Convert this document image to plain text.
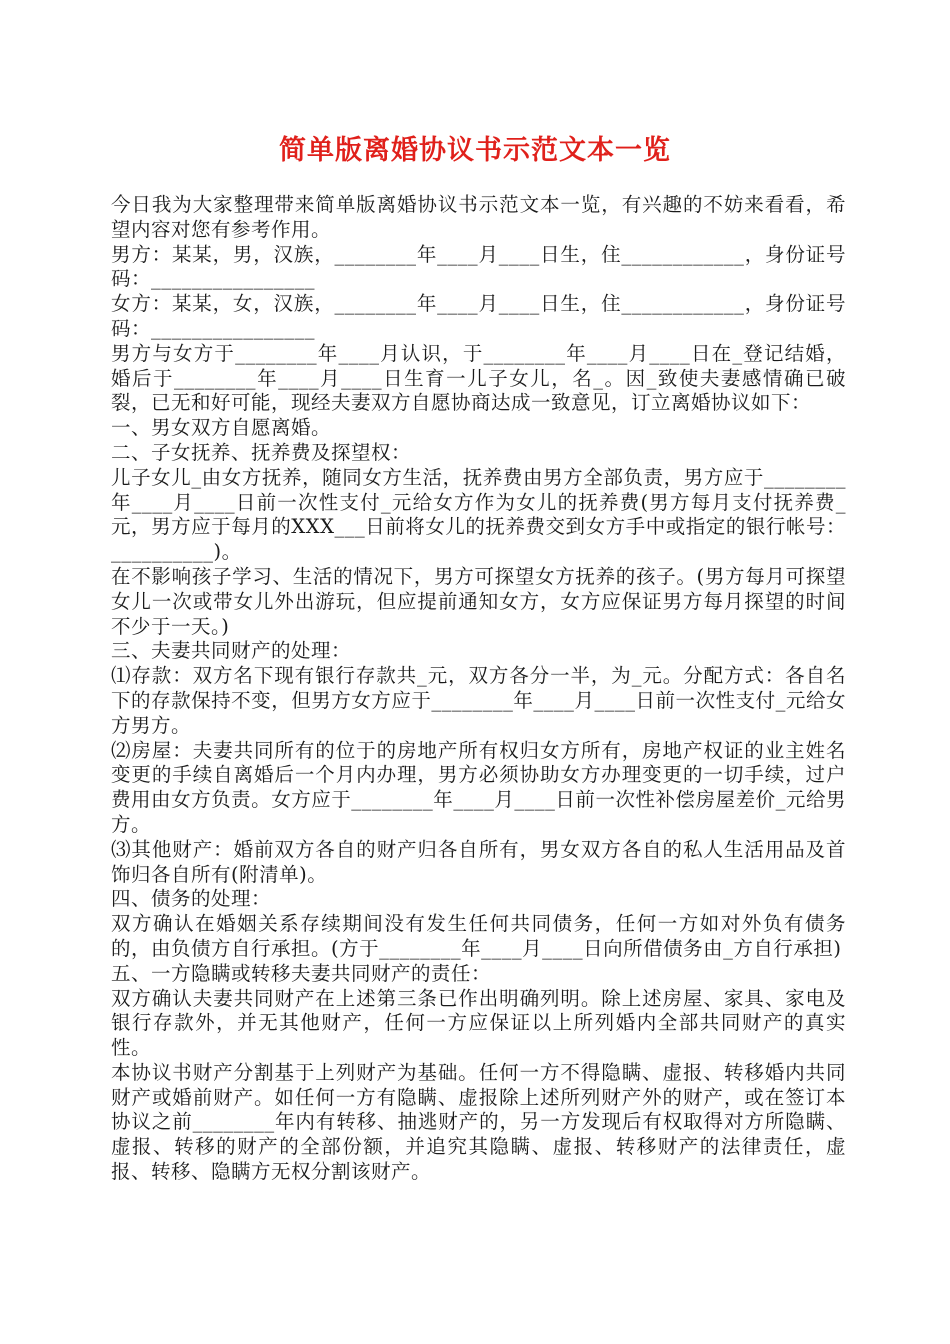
简单版离婚协议书示范文本一览

今日我为大家整理带来简单版离婚协议书示范文本一览，有兴趣的不妨来看看，希望内容对您有参考作用。

男方：某某，男，汉族，________年____月____日生，住____________，身份证号码：________________

女方：某某，女，汉族，________年____月____日生，住____________，身份证号码：________________

男方与女方于________年____月认识，于________年____月____日在_登记结婚，婚后于________年____月____日生育一儿子女儿，名_。因_致使夫妻感情确已破裂，已无和好可能，现经夫妻双方自愿协商达成一致意见，订立离婚协议如下：

一、男女双方自愿离婚。

二、子女抚养、抚养费及探望权：

儿子女儿_由女方抚养，随同女方生活，抚养费由男方全部负责，男方应于________年____月____日前一次性支付_元给女方作为女儿的抚养费(男方每月支付抚养费_元，男方应于每月的XXX___日前将女儿的抚养费交到女方手中或指定的银行帐号：__________)。

在不影响孩子学习、生活的情况下，男方可探望女方抚养的孩子。(男方每月可探望女儿一次或带女儿外出游玩，但应提前通知女方，女方应保证男方每月探望的时间不少于一天。)

三、夫妻共同财产的处理：

⑴存款：双方名下现有银行存款共_元，双方各分一半，为_元。分配方式：各自名下的存款保持不变，但男方女方应于________年____月____日前一次性支付_元给女方男方。

⑵房屋：夫妻共同所有的位于的房地产所有权归女方所有，房地产权证的业主姓名变更的手续自离婚后一个月内办理，男方必须协助女方办理变更的一切手续，过户费用由女方负责。女方应于________年____月____日前一次性补偿房屋差价_元给男方。

⑶其他财产：婚前双方各自的财产归各自所有，男女双方各自的私人生活用品及首饰归各自所有(附清单)。

四、债务的处理：

双方确认在婚姻关系存续期间没有发生任何共同债务，任何一方如对外负有债务的，由负债方自行承担。(方于________年____月____日向所借债务由_方自行承担)

五、一方隐瞒或转移夫妻共同财产的责任：

双方确认夫妻共同财产在上述第三条已作出明确列明。除上述房屋、家具、家电及银行存款外，并无其他财产，任何一方应保证以上所列婚内全部共同财产的真实性。

本协议书财产分割基于上列财产为基础。任何一方不得隐瞒、虚报、转移婚内共同财产或婚前财产。如任何一方有隐瞒、虚报除上述所列财产外的财产，或在签订本协议之前________年内有转移、抽逃财产的，另一方发现后有权取得对方所隐瞒、虚报、转移的财产的全部份额，并追究其隐瞒、虚报、转移财产的法律责任，虚报、转移、隐瞒方无权分割该财产。
